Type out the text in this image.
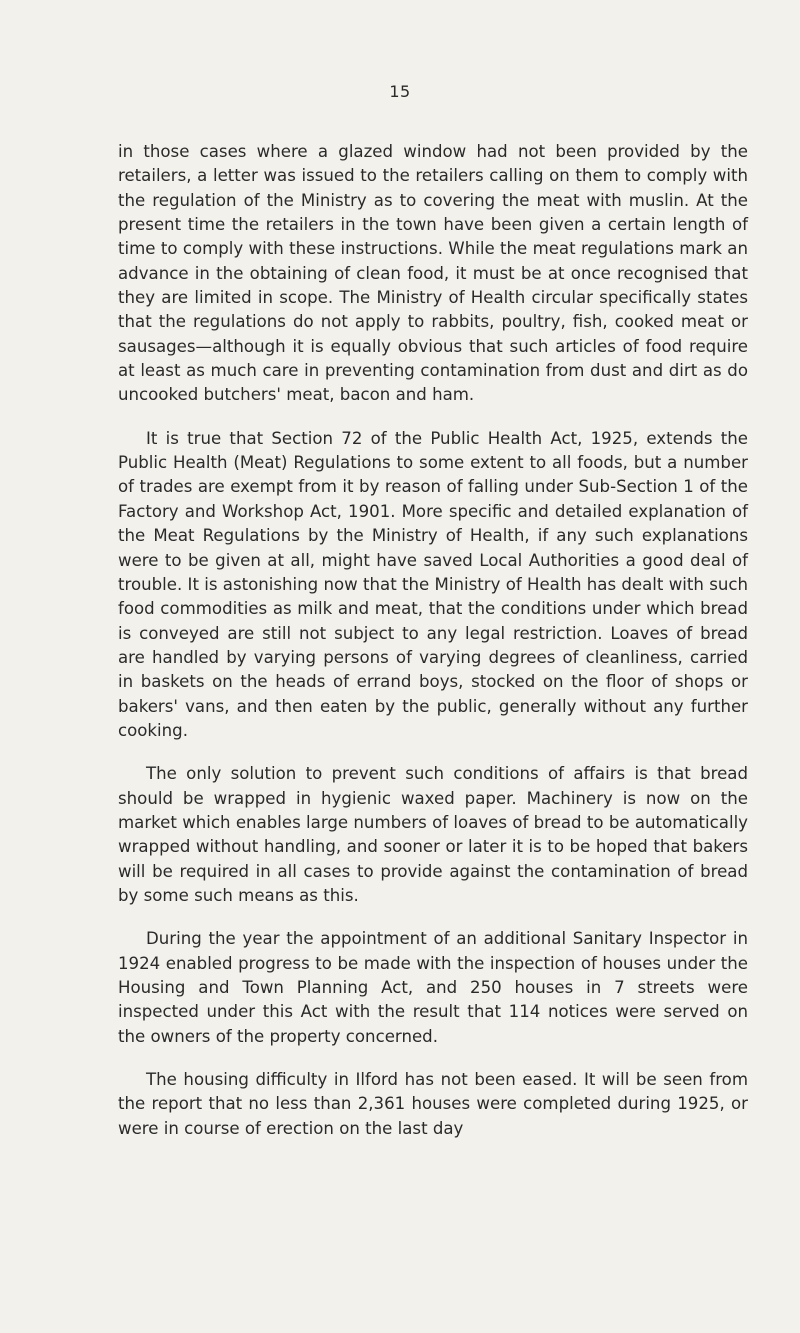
15

in those cases where a glazed window had not been provided by the retailers, a letter was issued to the retailers calling on them to comply with the regulation of the Ministry as to covering the meat with muslin. At the present time the retailers in the town have been given a certain length of time to comply with these instructions. While the meat regulations mark an advance in the obtaining of clean food, it must be at once recognised that they are limited in scope. The Ministry of Health circular specifically states that the regulations do not apply to rabbits, poultry, fish, cooked meat or sausages—although it is equally obvious that such articles of food require at least as much care in preventing contamination from dust and dirt as do uncooked butchers' meat, bacon and ham.

It is true that Section 72 of the Public Health Act, 1925, extends the Public Health (Meat) Regulations to some extent to all foods, but a number of trades are exempt from it by reason of falling under Sub-Section 1 of the Factory and Workshop Act, 1901. More specific and detailed explanation of the Meat Regulations by the Ministry of Health, if any such explanations were to be given at all, might have saved Local Authorities a good deal of trouble. It is astonishing now that the Ministry of Health has dealt with such food commodities as milk and meat, that the conditions under which bread is conveyed are still not subject to any legal restriction. Loaves of bread are handled by varying persons of varying degrees of cleanliness, carried in baskets on the heads of errand boys, stocked on the floor of shops or bakers' vans, and then eaten by the public, generally without any further cooking.

The only solution to prevent such conditions of affairs is that bread should be wrapped in hygienic waxed paper. Machinery is now on the market which enables large numbers of loaves of bread to be automatically wrapped without handling, and sooner or later it is to be hoped that bakers will be required in all cases to provide against the contamination of bread by some such means as this.

During the year the appointment of an additional Sanitary Inspector in 1924 enabled progress to be made with the inspection of houses under the Housing and Town Planning Act, and 250 houses in 7 streets were inspected under this Act with the result that 114 notices were served on the owners of the property concerned.

The housing difficulty in Ilford has not been eased. It will be seen from the report that no less than 2,361 houses were completed during 1925, or were in course of erection on the last day
